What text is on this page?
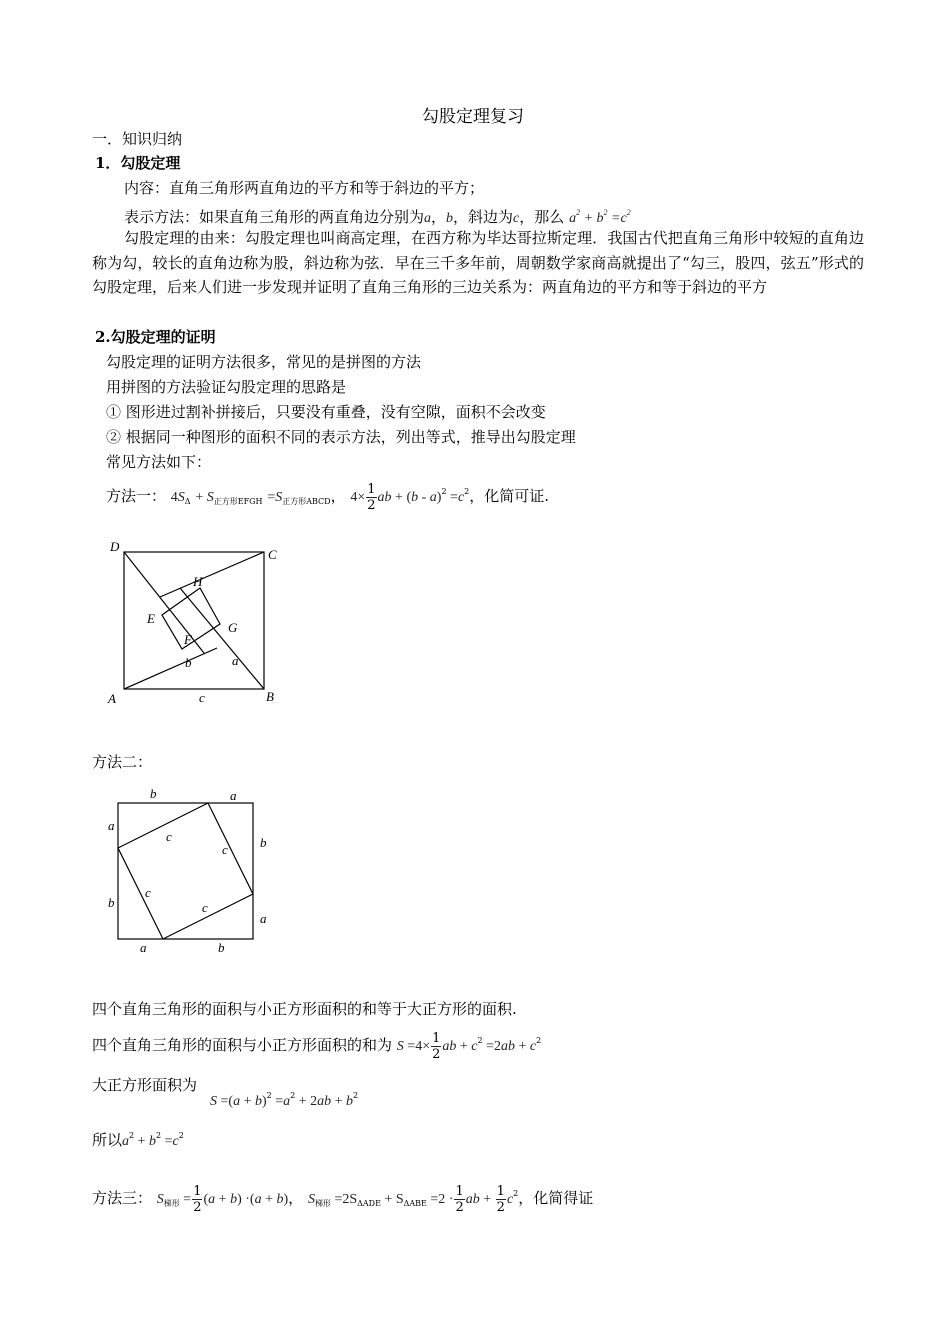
勾股定理复习
一．知识归纳
1．勾股定理
内容：直角三角形两直角边的平方和等于斜边的平方；
表示方法：如果直角三角形的两直角边分别为a，b，斜边为c，那么 $a^2 + b^2 =c^2$
勾股定理的由来：勾股定理也叫商高定理，在西方称为毕达哥拉斯定理．我国古代把直角三角形中较短的直角边称为勾，较长的直角边称为股，斜边称为弦．早在三千多年前，周朝数学家商高就提出了“勾三，股四，弦五”形式的勾股定理，后来人们进一步发现并证明了直角三角形的三边关系为：两直角边的平方和等于斜边的平方
2.勾股定理的证明
勾股定理的证明方法很多，常见的是拼图的方法
用拼图的方法验证勾股定理的思路是
① 图形进过割补拼接后，只要没有重叠，没有空隙，面积不会改变
② 根据同一种图形的面积不同的表示方法，列出等式，推导出勾股定理
常见方法如下：
方法一： $4S_\Delta + S_{正方形EFGH} =S_{正方形ABCD}$， $4\times \frac{1}{2}$ ab + $(b - a)^2 =c^2$，化简可证.
D
C
A	B
H
E
F
G
b	a
c
方法二：
b	a
a
b
b
a
a	b
c
c
c
c
四个直角三角形的面积与小正方形面积的和等于大正方形的面积.
四个直角三角形的面积与小正方形面积的和为 $S =4\times \frac{1}{2}$ ab + $c^2 =2ab + c^2$
大正方形面积为
$S =(a + b)^2 =a^2 + 2ab + b^2$
所以$a^2 + b^2 =c^2$
方法三： $S_{梯形} = \frac{1}{2} (a + b) \cdot(a + b)$， $S_{梯形} =2S_{\Delta ADE} + S_{\Delta ABE} =2 \cdot \frac{1}{2}$ ab + $\frac{1}{2} c^2$，化简得证
